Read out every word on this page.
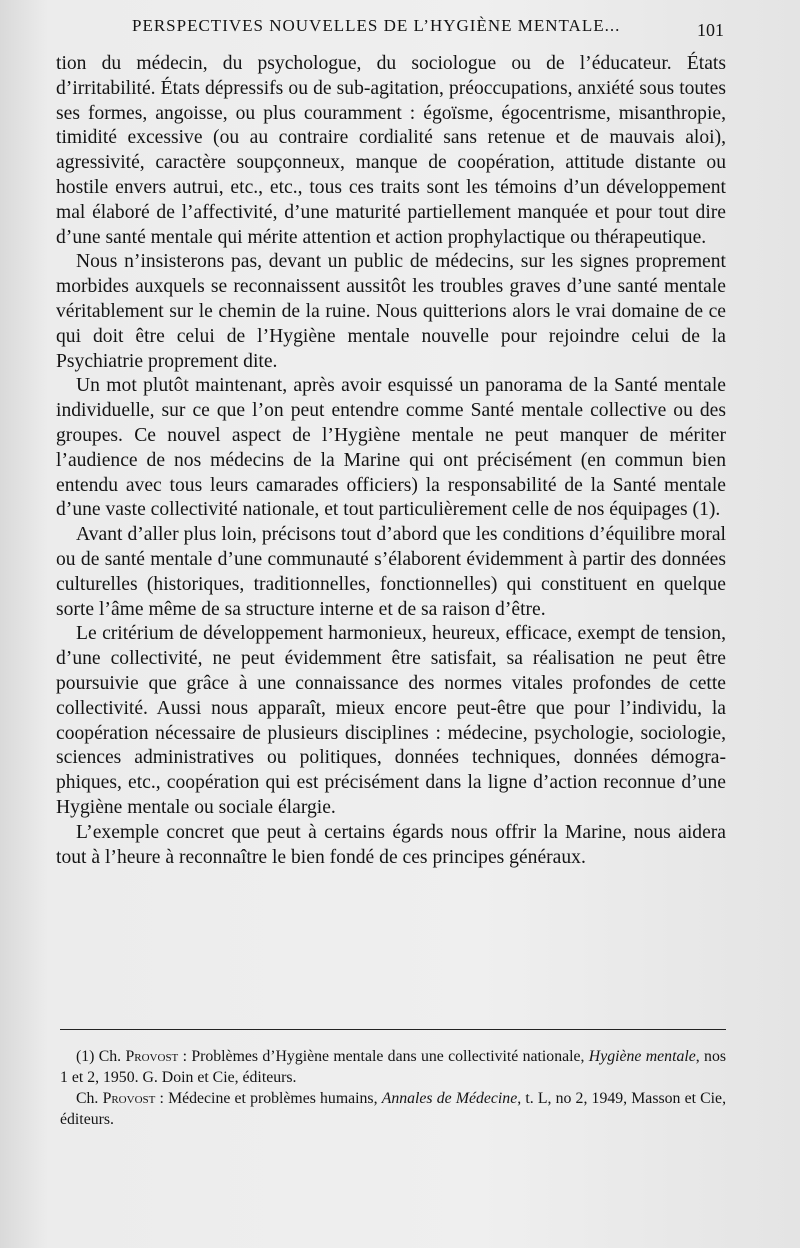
PERSPECTIVES NOUVELLES DE L’HYGIÈNE MENTALE...	101

tion du médecin, du psychologue, du sociologue ou de l’éducateur. États d’irritabilité. États dépressifs ou de sub-agitation, préoccupations, anxiété sous toutes ses formes, angoisse, ou plus couramment : égoïsme, égocentrisme, misanthropie, timidité excessive (ou au contraire cordialité sans retenue et de mauvais aloi), agressivité, caractère soupçonneux, manque de coopération, attitude distante ou hostile envers autrui, etc., etc., tous ces traits sont les témoins d’un développement mal élaboré de l’affectivité, d’une maturité partiellement manquée et pour tout dire d’une santé mentale qui mérite attention et action prophylactique ou thérapeutique.

Nous n’insisterons pas, devant un public de médecins, sur les signes proprement morbides auxquels se reconnaissent aussitôt les troubles graves d’une santé mentale véritablement sur le chemin de la ruine. Nous quitterions alors le vrai domaine de ce qui doit être celui de l’Hygiène mentale nouvelle pour rejoindre celui de la Psychiatrie proprement dite.

Un mot plutôt maintenant, après avoir esquissé un panorama de la Santé mentale individuelle, sur ce que l’on peut entendre comme Santé mentale collective ou des groupes. Ce nouvel aspect de l’Hygiène mentale ne peut manquer de mériter l’audience de nos médecins de la Marine qui ont précisément (en commun bien entendu avec tous leurs camarades officiers) la responsabilité de la Santé mentale d’une vaste collectivité nationale, et tout particulièrement celle de nos équipages (1).

Avant d’aller plus loin, précisons tout d’abord que les conditions d’équilibre moral ou de santé mentale d’une communauté s’élaborent évidemment à partir des données culturelles (historiques, traditionnelles, fonctionnelles) qui constituent en quelque sorte l’âme même de sa structure interne et de sa raison d’être.

Le critérium de développement harmonieux, heureux, efficace, exempt de tension, d’une collectivité, ne peut évidemment être satisfait, sa réalisation ne peut être poursuivie que grâce à une connaissance des normes vitales profondes de cette collectivité. Aussi nous apparaît, mieux encore peut-être que pour l’individu, la coopération nécessaire de plusieurs disciplines : médecine, psychologie, sociologie, sciences administratives ou politiques, données techniques, données démographiques, etc., coopération qui est précisément dans la ligne d’action reconnue d’une Hygiène mentale ou sociale élargie.

L’exemple concret que peut à certains égards nous offrir la Marine, nous aidera tout à l’heure à reconnaître le bien fondé de ces principes généraux.

(1) Ch. Provost : Problèmes d’Hygiène mentale dans une collectivité nationale, Hygiène mentale, nos 1 et 2, 1950. G. Doin et Cie, éditeurs.

Ch. Provost : Médecine et problèmes humains, Annales de Médecine, t. L, no 2, 1949, Masson et Cie, éditeurs.
